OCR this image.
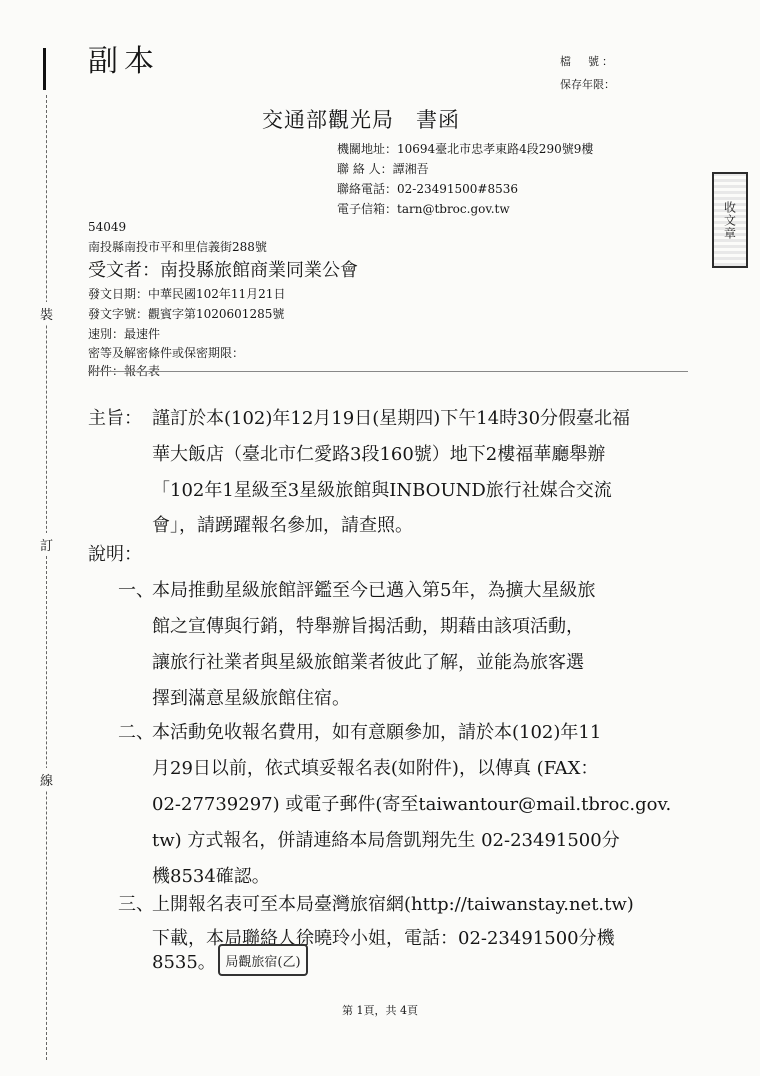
裝
訂
線
副本	檔　號：
保存年限：
交通部觀光局　書函
機關地址：10694臺北市忠孝東路4段290號9樓
聯 絡 人：譚湘吾
聯絡電話：02-23491500#8536
電子信箱：tarn@tbroc.gov.tw	收文章
54049
南投縣南投市平和里信義街288號
受文者：南投縣旅館商業同業公會
發文日期：中華民國102年11月21日
發文字號：觀賓字第1020601285號
速別：最速件
密等及解密條件或保密期限：
附件：報名表
主旨： 謹訂於本(102)年12月19日(星期四)下午14時30分假臺北福
華大飯店（臺北市仁愛路3段160號）地下2樓福華廳舉辦
「102年1星級至3星級旅館與INBOUND旅行社媒合交流
會」，請踴躍報名參加，請查照。
說明：
一、
本局推動星級旅館評鑑至今已邁入第5年，為擴大星級旅
館之宣傳與行銷，特舉辦旨揭活動，期藉由該項活動，
讓旅行社業者與星級旅館業者彼此了解，並能為旅客選
擇到滿意星級旅館住宿。
二、
本活動免收報名費用，如有意願參加，請於本(102)年11
月29日以前，依式填妥報名表(如附件)，以傳真 (FAX：
02-27739297) 或電子郵件(寄至taiwantour@mail.tbroc.gov.
tw) 方式報名，併請連絡本局詹凱翔先生 02-23491500分
機8534確認。
三、
上開報名表可至本局臺灣旅宿網(http://taiwanstay.net.tw)
下載，本局聯絡人徐曉玲小姐，電話：02-23491500分機
8535。 局觀旅宿(乙)
第 1頁，共 4頁
